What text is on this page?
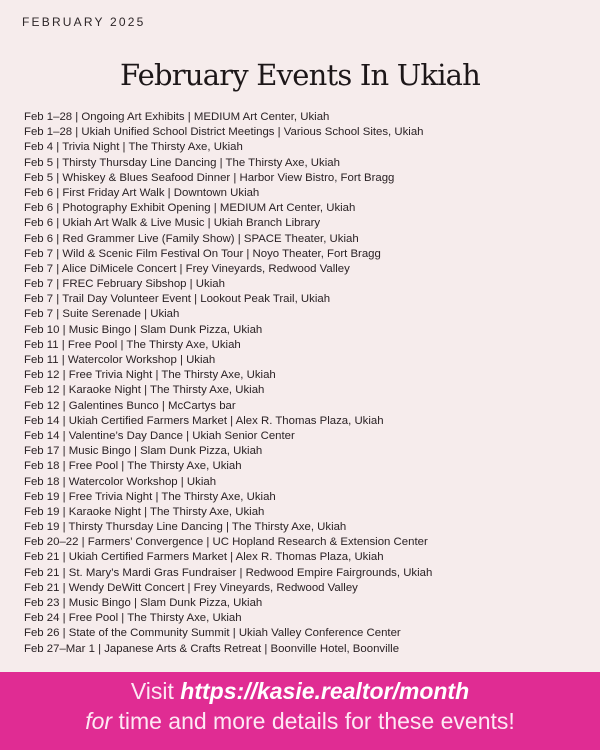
FEBRUARY 2025
February Events In Ukiah
Feb 1–28 | Ongoing Art Exhibits | MEDIUM Art Center, Ukiah
Feb 1–28 | Ukiah Unified School District Meetings | Various School Sites, Ukiah
Feb 4 | Trivia Night | The Thirsty Axe, Ukiah
Feb 5 | Thirsty Thursday Line Dancing | The Thirsty Axe, Ukiah
Feb 5 | Whiskey & Blues Seafood Dinner | Harbor View Bistro, Fort Bragg
Feb 6 | First Friday Art Walk | Downtown Ukiah
Feb 6 | Photography Exhibit Opening | MEDIUM Art Center, Ukiah
Feb 6 | Ukiah Art Walk & Live Music | Ukiah Branch Library
Feb 6 | Red Grammer Live (Family Show) | SPACE Theater, Ukiah
Feb 7 | Wild & Scenic Film Festival On Tour | Noyo Theater, Fort Bragg
Feb 7 | Alice DiMicele Concert | Frey Vineyards, Redwood Valley
Feb 7 | FREC February Sibshop | Ukiah
Feb 7 | Trail Day Volunteer Event | Lookout Peak Trail, Ukiah
Feb 7 | Suite Serenade | Ukiah
Feb 10 | Music Bingo | Slam Dunk Pizza, Ukiah
Feb 11 | Free Pool | The Thirsty Axe, Ukiah
Feb 11 | Watercolor Workshop | Ukiah
Feb 12 | Free Trivia Night | The Thirsty Axe, Ukiah
Feb 12 | Karaoke Night | The Thirsty Axe, Ukiah
Feb 12 | Galentines Bunco | McCartys bar
Feb 14 | Ukiah Certified Farmers Market | Alex R. Thomas Plaza, Ukiah
Feb 14 | Valentine’s Day Dance | Ukiah Senior Center
Feb 17 | Music Bingo | Slam Dunk Pizza, Ukiah
Feb 18 | Free Pool | The Thirsty Axe, Ukiah
Feb 18 | Watercolor Workshop | Ukiah
Feb 19 | Free Trivia Night | The Thirsty Axe, Ukiah
Feb 19 | Karaoke Night | The Thirsty Axe, Ukiah
Feb 19 | Thirsty Thursday Line Dancing | The Thirsty Axe, Ukiah
Feb 20–22 | Farmers’ Convergence | UC Hopland Research & Extension Center
Feb 21 | Ukiah Certified Farmers Market | Alex R. Thomas Plaza, Ukiah
Feb 21 | St. Mary’s Mardi Gras Fundraiser | Redwood Empire Fairgrounds, Ukiah
Feb 21 | Wendy DeWitt Concert | Frey Vineyards, Redwood Valley
Feb 23 | Music Bingo | Slam Dunk Pizza, Ukiah
Feb 24 | Free Pool | The Thirsty Axe, Ukiah
Feb 26 | State of the Community Summit | Ukiah Valley Conference Center
Feb 27–Mar 1 | Japanese Arts & Crafts Retreat | Boonville Hotel, Boonville
Visit https://kasie.realtor/month
for time and more details for these events!
